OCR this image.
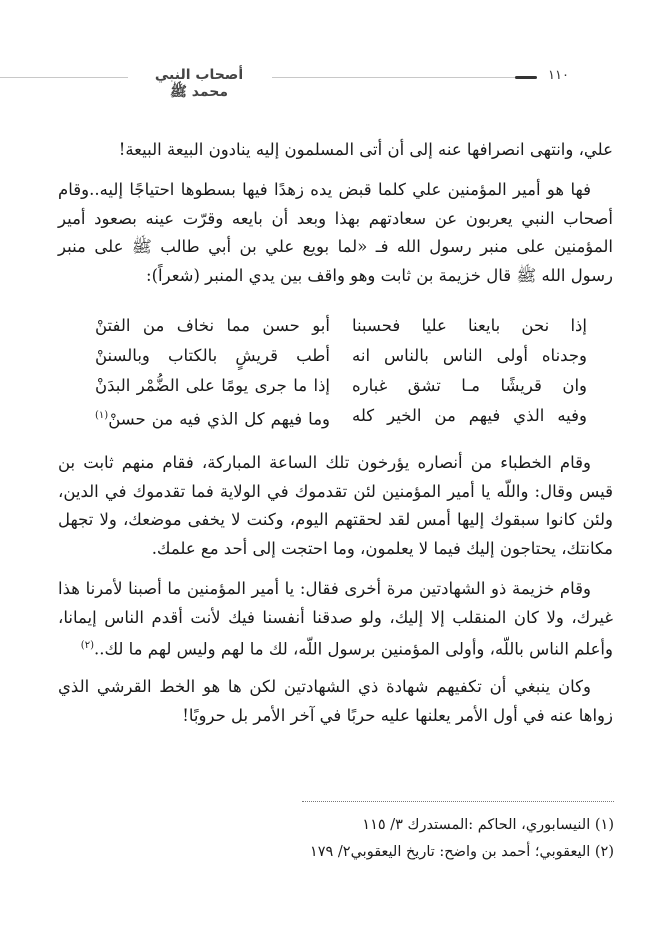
أصحاب النبي محمد ﷺ
١١٠
علي، وانتهى انصرافها عنه إلى أن أتى المسلمون إليه ينادون البيعة البيعة!
فها هو أمير المؤمنين علي كلما قبض يده زهدًا فيها بسطوها احتياجًا إليه..وقام أصحاب النبي يعربون عن سعادتهم بهذا وبعد أن بايعه وقرّت عينه بصعود أمير المؤمنين على منبر رسول الله فـ «لما بويع علي بن أبي طالب ﷺ على منبر رسول الله ﷺ قال خزيمة بن ثابت وهو واقف بين يدي المنبر (شعراً):
إذا نحن بايعنا عليا فحسبنا
أبو حسن مما نخاف من الفتنْ
وجدناه أولى الناس بالناس انه
أطب قريشٍ بالكتاب وبالسننْ
وان قريشًا مـا تشق غباره
إذا ما جرى يومًا على الضُّمْر البدَنْ
وفيه الذي فيهم من الخير كله
وما فيهم كل الذي فيه من حسنْ$^{(١)}$
وقام الخطباء من أنصاره يؤرخون تلك الساعة المباركة، فقام منهم ثابت بن قيس وقال: واللّه يا أمير المؤمنين لئن تقدموك في الولاية فما تقدموك في الدين، ولئن كانوا سبقوك إليها أمس لقد لحقتهم اليوم، وكنت لا يخفى موضعك، ولا تجهل مكانتك، يحتاجون إليك فيما لا يعلمون، وما احتجت إلى أحد مع علمك.
وقام خزيمة ذو الشهادتين مرة أخرى فقال: يا أمير المؤمنين ما أصبنا لأمرنا هذا غيرك، ولا كان المنقلب إلا إليك، ولو صدقنا أنفسنا فيك لأنت أقدم الناس إيمانا، وأعلم الناس باللّه، وأولى المؤمنين برسول اللّه، لك ما لهم وليس لهم ما لك..$^{(٢)}$
وكان ينبغي أن تكفيهم شهادة ذي الشهادتين لكن ها هو الخط القرشي الذي زواها عنه في أول الأمر يعلنها عليه حربًا في آخر الأمر بل حروبًا!
(١) النيسابوري، الحاكم :المستدرك ٣/ ١١٥
(٢) اليعقوبي؛ أحمد بن واضح: تاريخ اليعقوبي٢/ ١٧٩
